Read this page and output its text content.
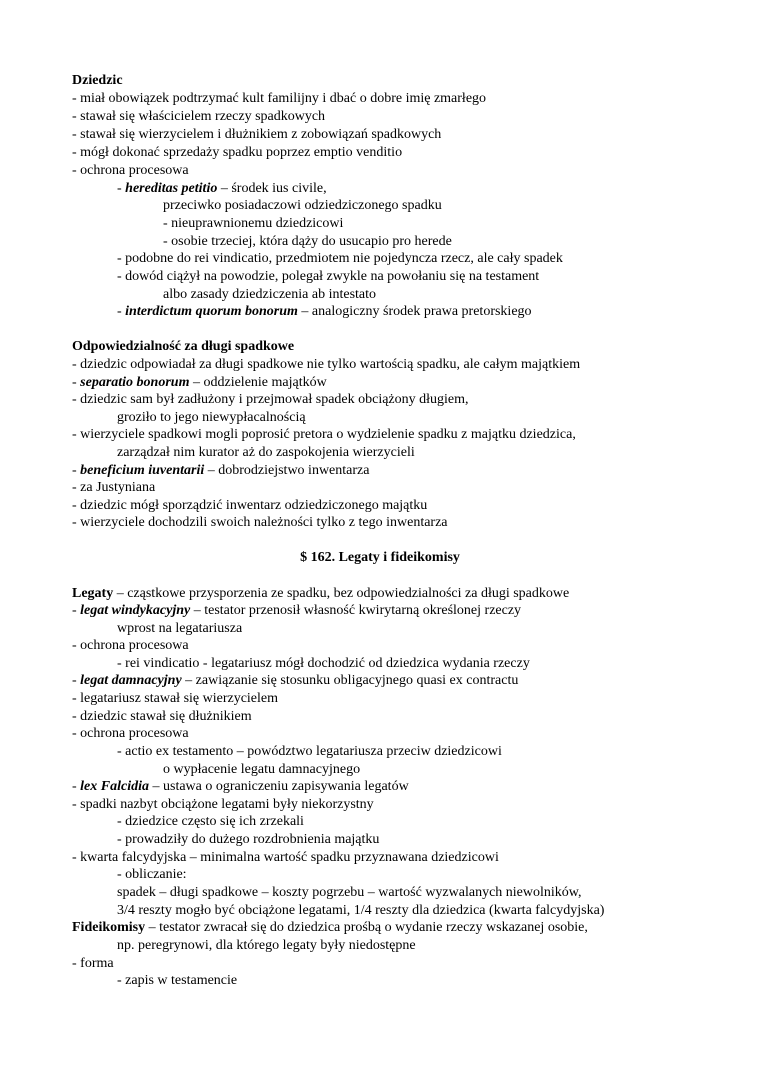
Dziedzic
- miał obowiązek podtrzymać kult familijny i dbać o dobre imię zmarłego
- stawał się właścicielem rzeczy spadkowych
- stawał się wierzycielem i dłużnikiem z zobowiązań spadkowych
- mógł dokonać sprzedaży spadku poprzez emptio venditio
- ochrona procesowa
- hereditas petitio – środek ius civile,
przeciwko posiadaczowi odziedziczonego spadku
- nieuprawnionemu dziedzicowi
- osobie trzeciej, która dąży do usucapio pro herede
- podobne do rei vindicatio, przedmiotem nie pojedyncza rzecz, ale cały spadek
- dowód ciążył na powodzie, polegał zwykle na powołaniu się na testament
albo zasady dziedziczenia ab intestato
- interdictum quorum bonorum – analogiczny środek prawa pretorskiego
Odpowiedzialność za długi spadkowe
- dziedzic odpowiadał za długi spadkowe nie tylko wartością spadku, ale całym majątkiem
- separatio bonorum – oddzielenie majątków
- dziedzic sam był zadłużony i przejmował spadek obciążony długiem,
groziło to jego niewypłacalnością
- wierzyciele spadkowi mogli poprosić pretora o wydzielenie spadku z majątku dziedzica,
zarządzał nim kurator aż do zaspokojenia wierzycieli
- beneficium iuventarii – dobrodziejstwo inwentarza
- za Justyniana
- dziedzic mógł sporządzić inwentarz odziedziczonego majątku
- wierzyciele dochodzili swoich należności tylko z tego inwentarza
$ 162. Legaty i fideikomisy
Legaty – cząstkowe przysporzenia ze spadku, bez odpowiedzialności za długi spadkowe
- legat windykacyjny – testator przenosił własność kwirytarną określonej rzeczy
wprost na legatariusza
- ochrona procesowa
- rei vindicatio - legatariusz mógł dochodzić od dziedzica wydania rzeczy
- legat damnacyjny – zawiązanie się stosunku obligacyjnego quasi ex contractu
- legatariusz stawał się wierzycielem
- dziedzic stawał się dłużnikiem
- ochrona procesowa
- actio ex testamento – powództwo legatariusza przeciw dziedzicowi
o wypłacenie legatu damnacyjnego
- lex Falcidia – ustawa o ograniczeniu zapisywania legatów
- spadki nazbyt obciążone legatami były niekorzystny
- dziedzice często się ich zrzekali
- prowadziły do dużego rozdrobnienia majątku
- kwarta falcydyjska – minimalna wartość spadku przyznawana dziedzicowi
- obliczanie:
spadek – długi spadkowe – koszty pogrzebu – wartość wyzwalanych niewolników,
3/4 reszty mogło być obciążone legatami, 1/4 reszty dla dziedzica (kwarta falcydyjska)
Fideikomisy – testator zwracał się do dziedzica prośbą o wydanie rzeczy wskazanej osobie,
np. peregrynowi, dla którego legaty były niedostępne
- forma
- zapis w testamencie
